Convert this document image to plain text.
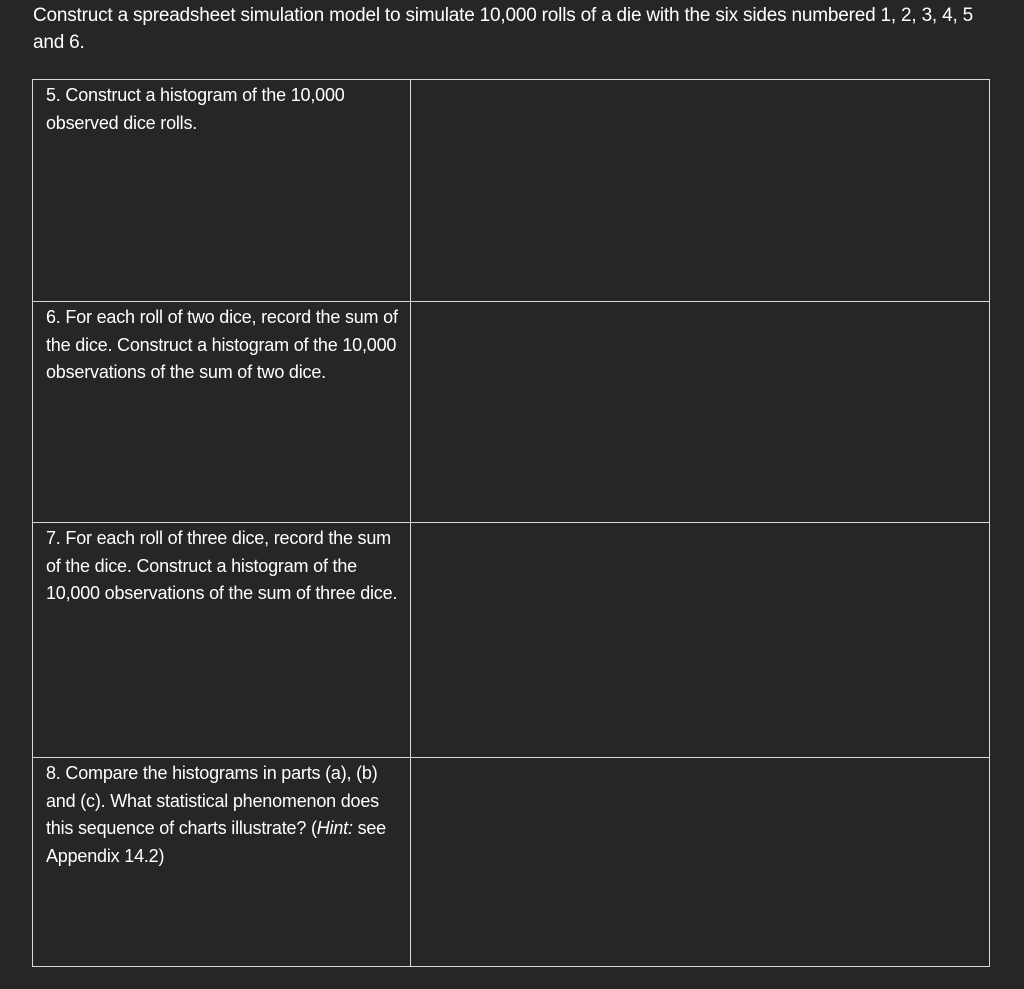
Construct a spreadsheet simulation model to simulate 10,000 rolls of a die with the six sides numbered 1, 2, 3, 4, 5 and 6.
5. Construct a histogram of the 10,000 observed dice rolls.
6. For each roll of two dice, record the sum of the dice. Construct a histogram of the 10,000 observations of the sum of two dice.
7. For each roll of three dice, record the sum of the dice. Construct a histogram of the 10,000 observations of the sum of three dice.
8. Compare the histograms in parts (a), (b) and (c). What statistical phenomenon does this sequence of charts illustrate? (Hint: see Appendix 14.2)
